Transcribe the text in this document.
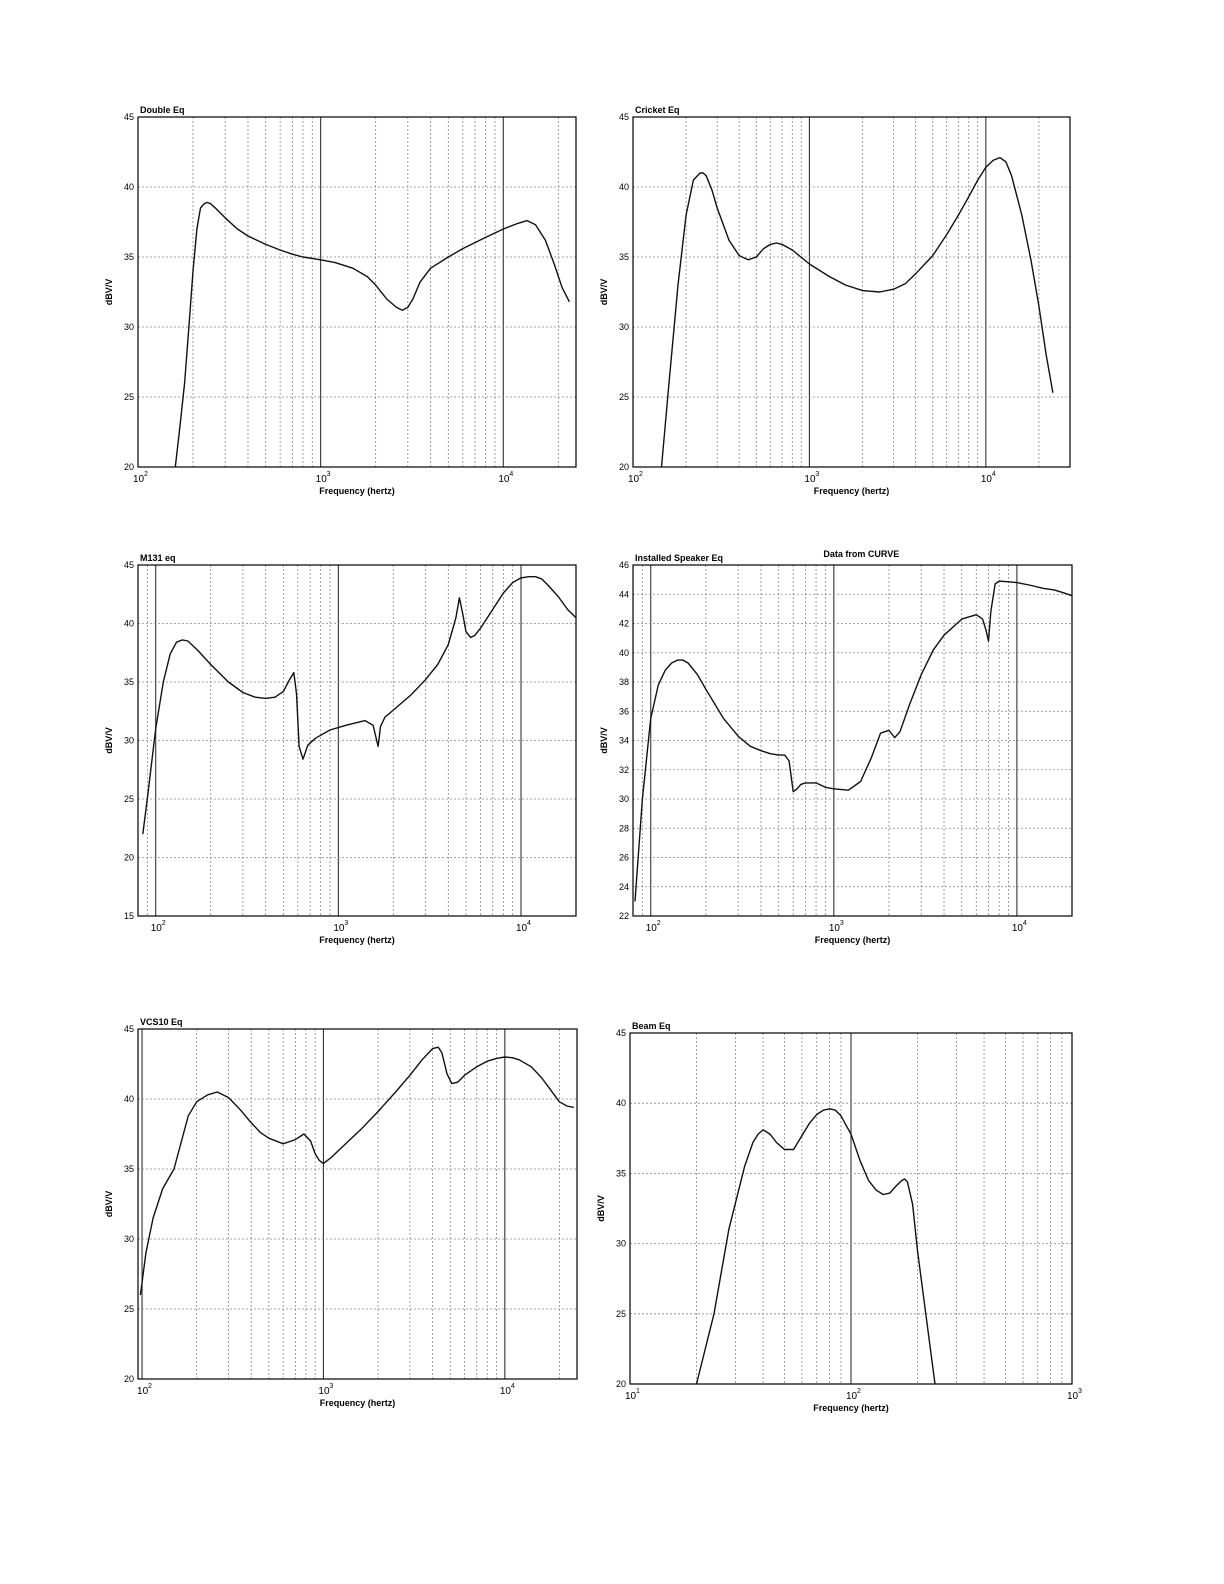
10 2	10 3	10 4
20
25
30
35
40
45
Double Eq
Frequency (hertz)
dBV/V
10 2	10 3	10 4
20
25
30
35
40
45
Cricket Eq
Frequency (hertz)
dBV/V
10 2	10 3	10 4
15
20
25
30
35
40
45
M131 eq
Frequency (hertz)
dBV/V
10 2	10 3	10 4
22
24
26
28
30
32
34
36
38
40
42
44
46
Installed Speaker Eq	Data from CURVE
Frequency (hertz)
dBV/V
10 2	10 3	10 4
20
25
30
35
40
45
VCS10 Eq
Frequency (hertz)
dBV/V
10 1	10 2	10 3
20
25
30
35
40
45
Beam Eq
Frequency (hertz)
dBV/V
